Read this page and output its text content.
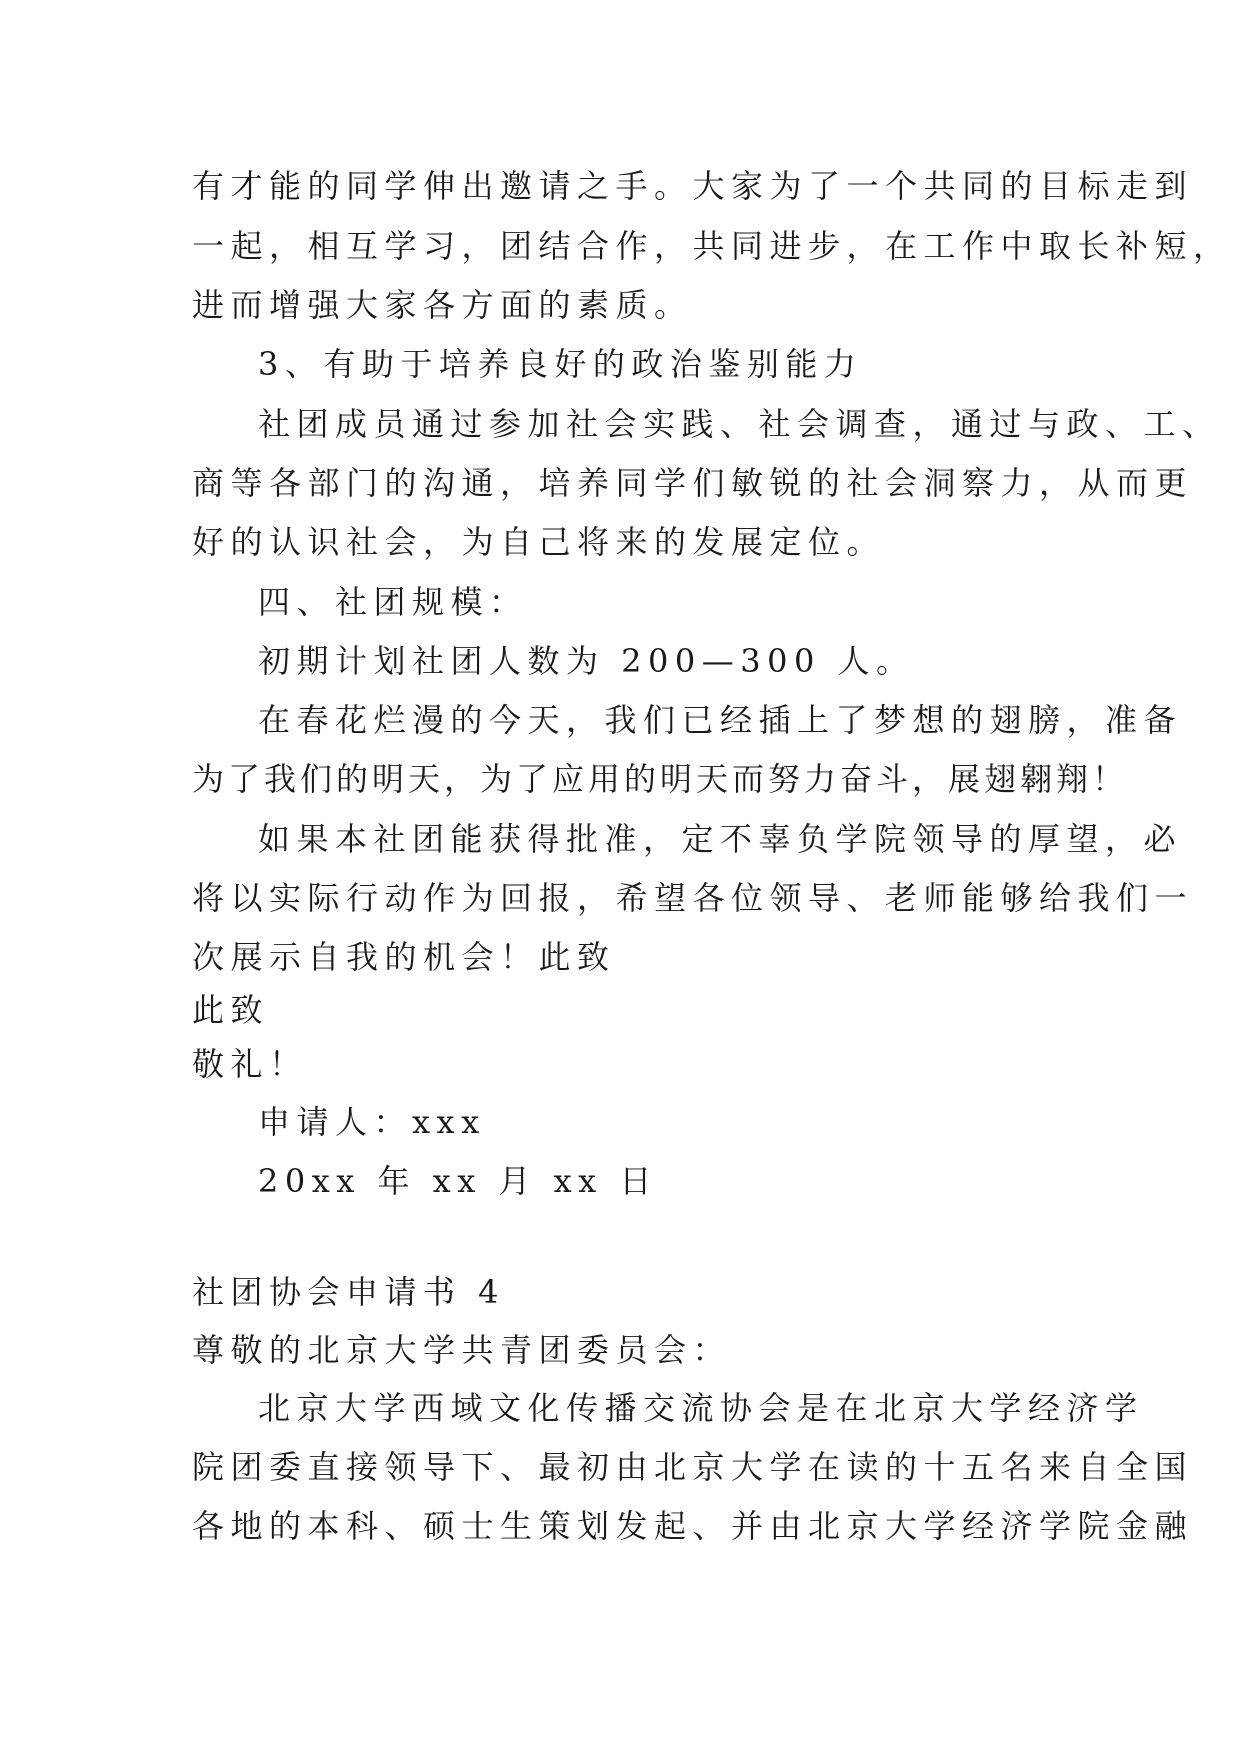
有才能的同学伸出邀请之手。大家为了一个共同的目标走到
一起，相互学习，团结合作，共同进步，在工作中取长补短，
进而增强大家各方面的素质。
3、有助于培养良好的政治鉴别能力
社团成员通过参加社会实践、社会调查，通过与政、工、
商等各部门的沟通，培养同学们敏锐的社会洞察力，从而更
好的认识社会，为自己将来的发展定位。
四、社团规模：
初期计划社团人数为 200—300 人。
在春花烂漫的今天，我们已经插上了梦想的翅膀，准备
为了我们的明天，为了应用的明天而努力奋斗，展翅翱翔！
如果本社团能获得批准，定不辜负学院领导的厚望，必
将以实际行动作为回报，希望各位领导、老师能够给我们一
次展示自我的机会！此致
此致
敬礼！
申请人：xxx
20xx 年 xx 月 xx 日
社团协会申请书 4
尊敬的北京大学共青团委员会：
北京大学西域文化传播交流协会是在北京大学经济学
院团委直接领导下、最初由北京大学在读的十五名来自全国
各地的本科、硕士生策划发起、并由北京大学经济学院金融
